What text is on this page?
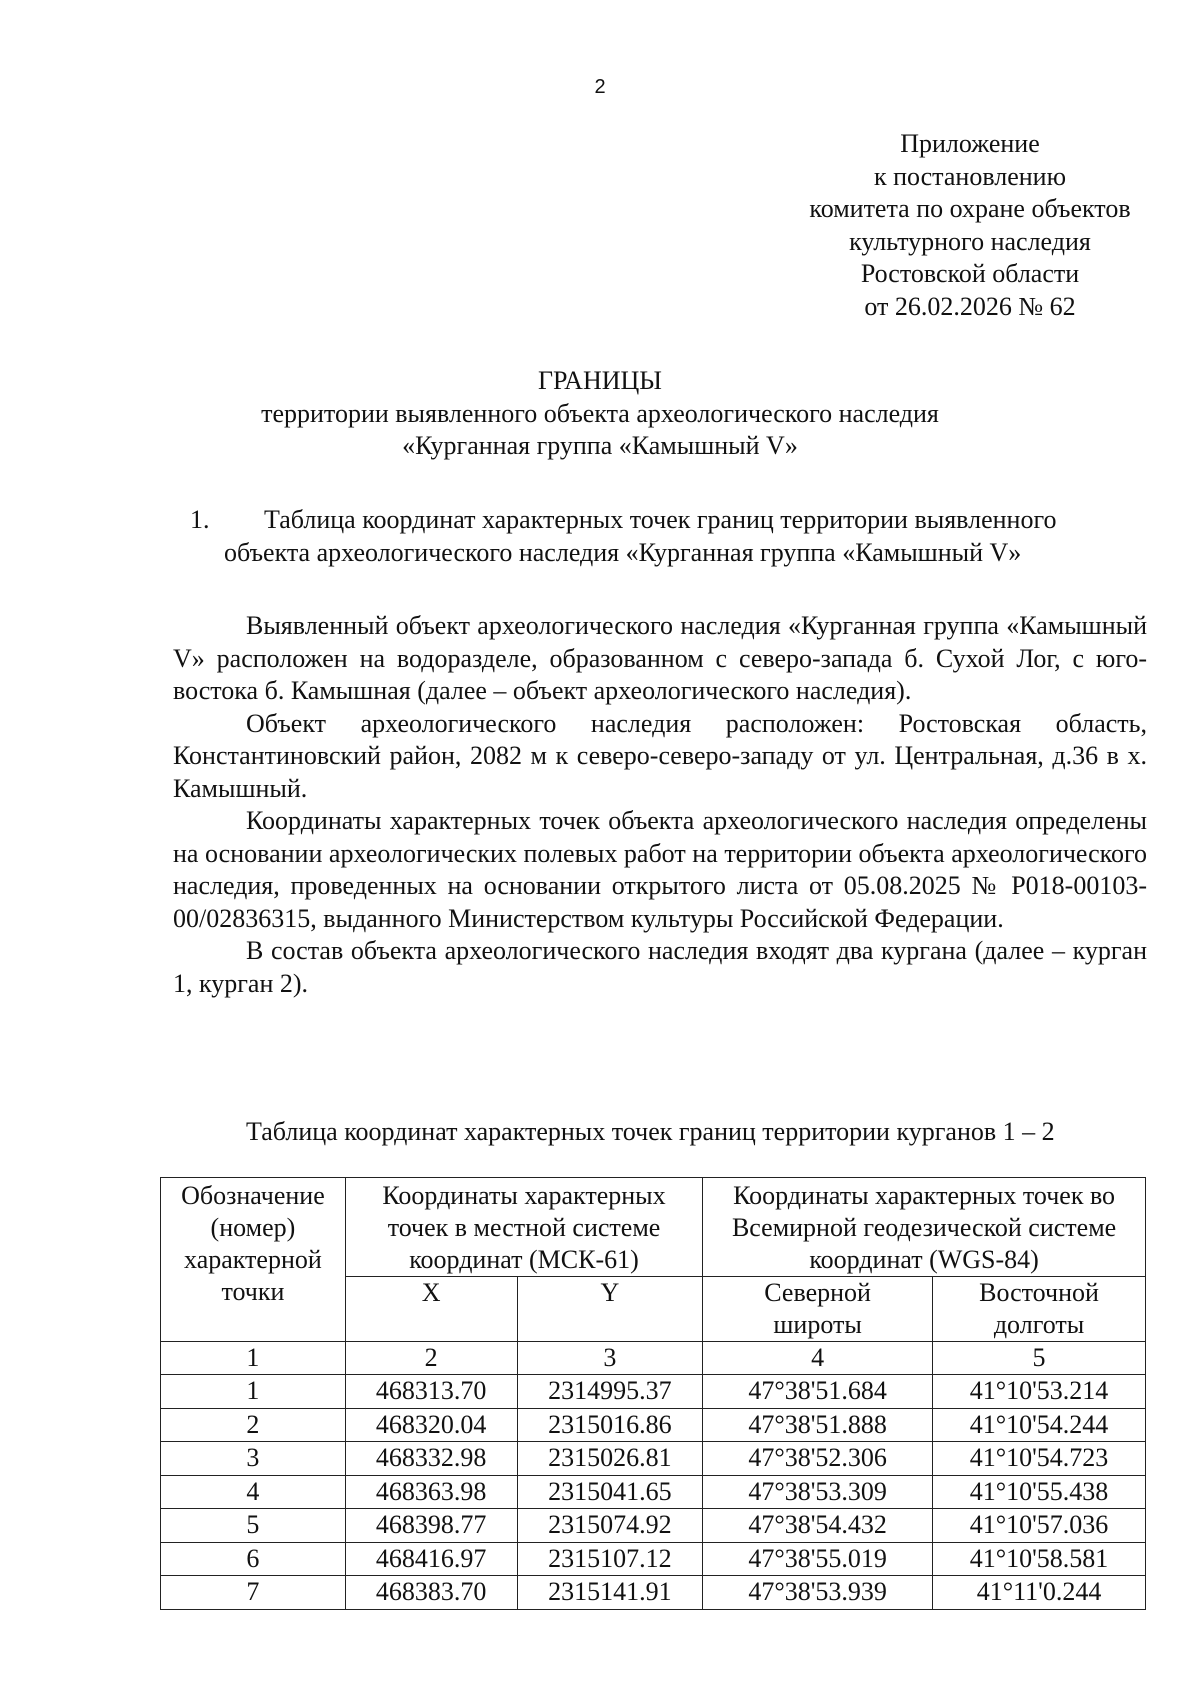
2
Приложение
к постановлению
комитета по охране объектов
культурного наследия
Ростовской области
от 26.02.2026 № 62
ГРАНИЦЫ
территории выявленного объекта археологического наследия
«Курганная группа «Камышный V»
1. Таблица координат характерных точек границ территории выявленного
объекта археологического наследия «Курганная группа «Камышный V»

Выявленный объект археологического наследия «Курганная группа «Камышный V» расположен на водоразделе, образованном с северо-запада б. Сухой Лог, с юго-востока б. Камышная (далее – объект археологического наследия).

Объект археологического наследия расположен: Ростовская область, Константиновский район, 2082 м к северо-северо-западу от ул. Центральная, д.36 в х. Камышный.

Координаты характерных точек объекта археологического наследия определены на основании археологических полевых работ на территории объекта археологического наследия, проведенных на основании открытого листа от 05.08.2025 № Р018-00103-00/02836315, выданного Министерством культуры Российской Федерации.

В состав объекта археологического наследия входят два кургана (далее – курган 1, курган 2).

Таблица координат характерных точек границ территории курганов 1 – 2
Обозначение (номер) характерной точки	Координаты характерных точек в местной системе координат (МСК-61)		Координаты характерных точек во Всемирной геодезической системе координат (WGS-84)	
	X	Y	Северной широты	Восточной долготы
1	2	3	4	5
1	468313.70	2314995.37	47°38'51.684	41°10'53.214
2	468320.04	2315016.86	47°38'51.888	41°10'54.244
3	468332.98	2315026.81	47°38'52.306	41°10'54.723
4	468363.98	2315041.65	47°38'53.309	41°10'55.438
5	468398.77	2315074.92	47°38'54.432	41°10'57.036
6	468416.97	2315107.12	47°38'55.019	41°10'58.581
7	468383.70	2315141.91	47°38'53.939	41°11'0.244
